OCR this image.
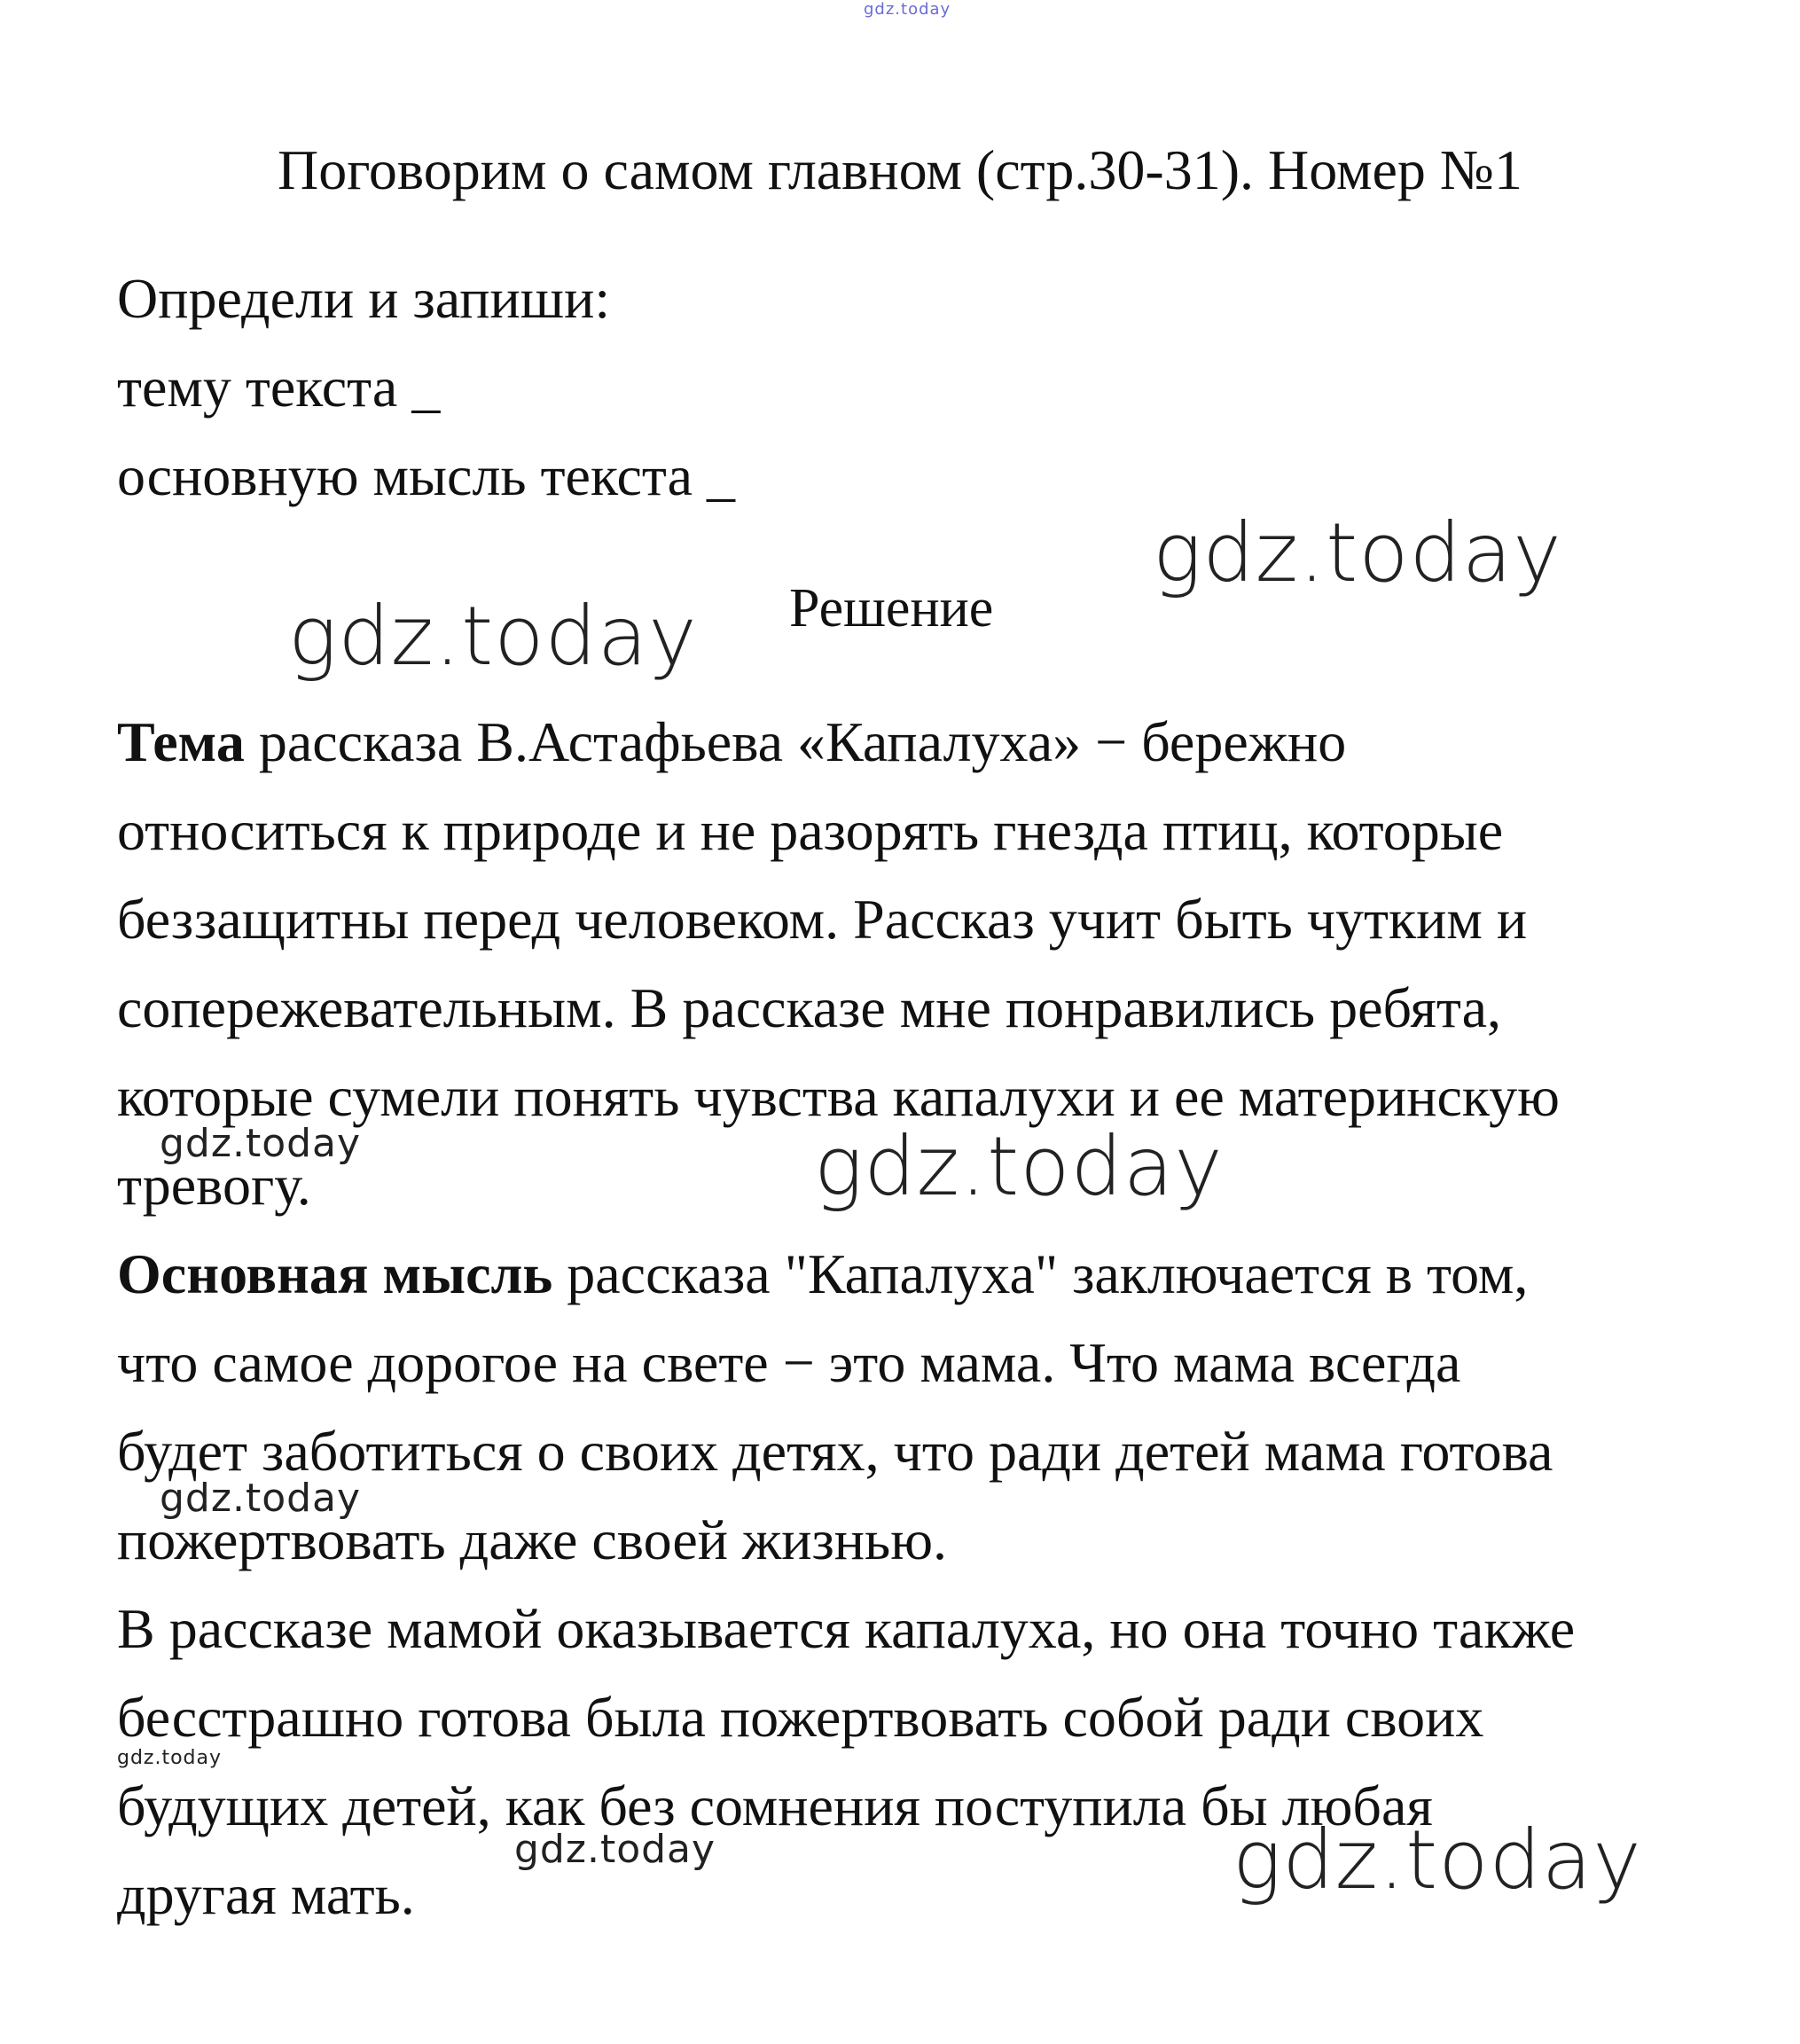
gdz.today
Поговорим о самом главном (стр.30-31). Номер №1
Определи и запиши:
тему текста _
основную мысль текста _
gdz.today
Решение
gdz.today
Тема рассказа В.Астафьева «Капалуха» − бережно
относиться к природе и не разорять гнезда птиц, которые
беззащитны перед человеком. Рассказ учит быть чутким и
сопережевательным. В рассказе мне понравились ребята,
которые сумели понять чувства капалухи и ее материнскую
gdz.today
тревогу.	gdz.today
Основная мысль рассказа "Капалуха" заключается в том,
что самое дорогое на свете − это мама. Что мама всегда
будет заботиться о своих детях, что ради детей мама готова
gdz.today
пожертвовать даже своей жизнью.
В рассказе мамой оказывается капалуха, но она точно также
бесстрашно готова была пожертвовать собой ради своих
gdz.today
будущих детей, как без сомнения поступила бы любая
gdz.today
другая мать.	gdz.today
